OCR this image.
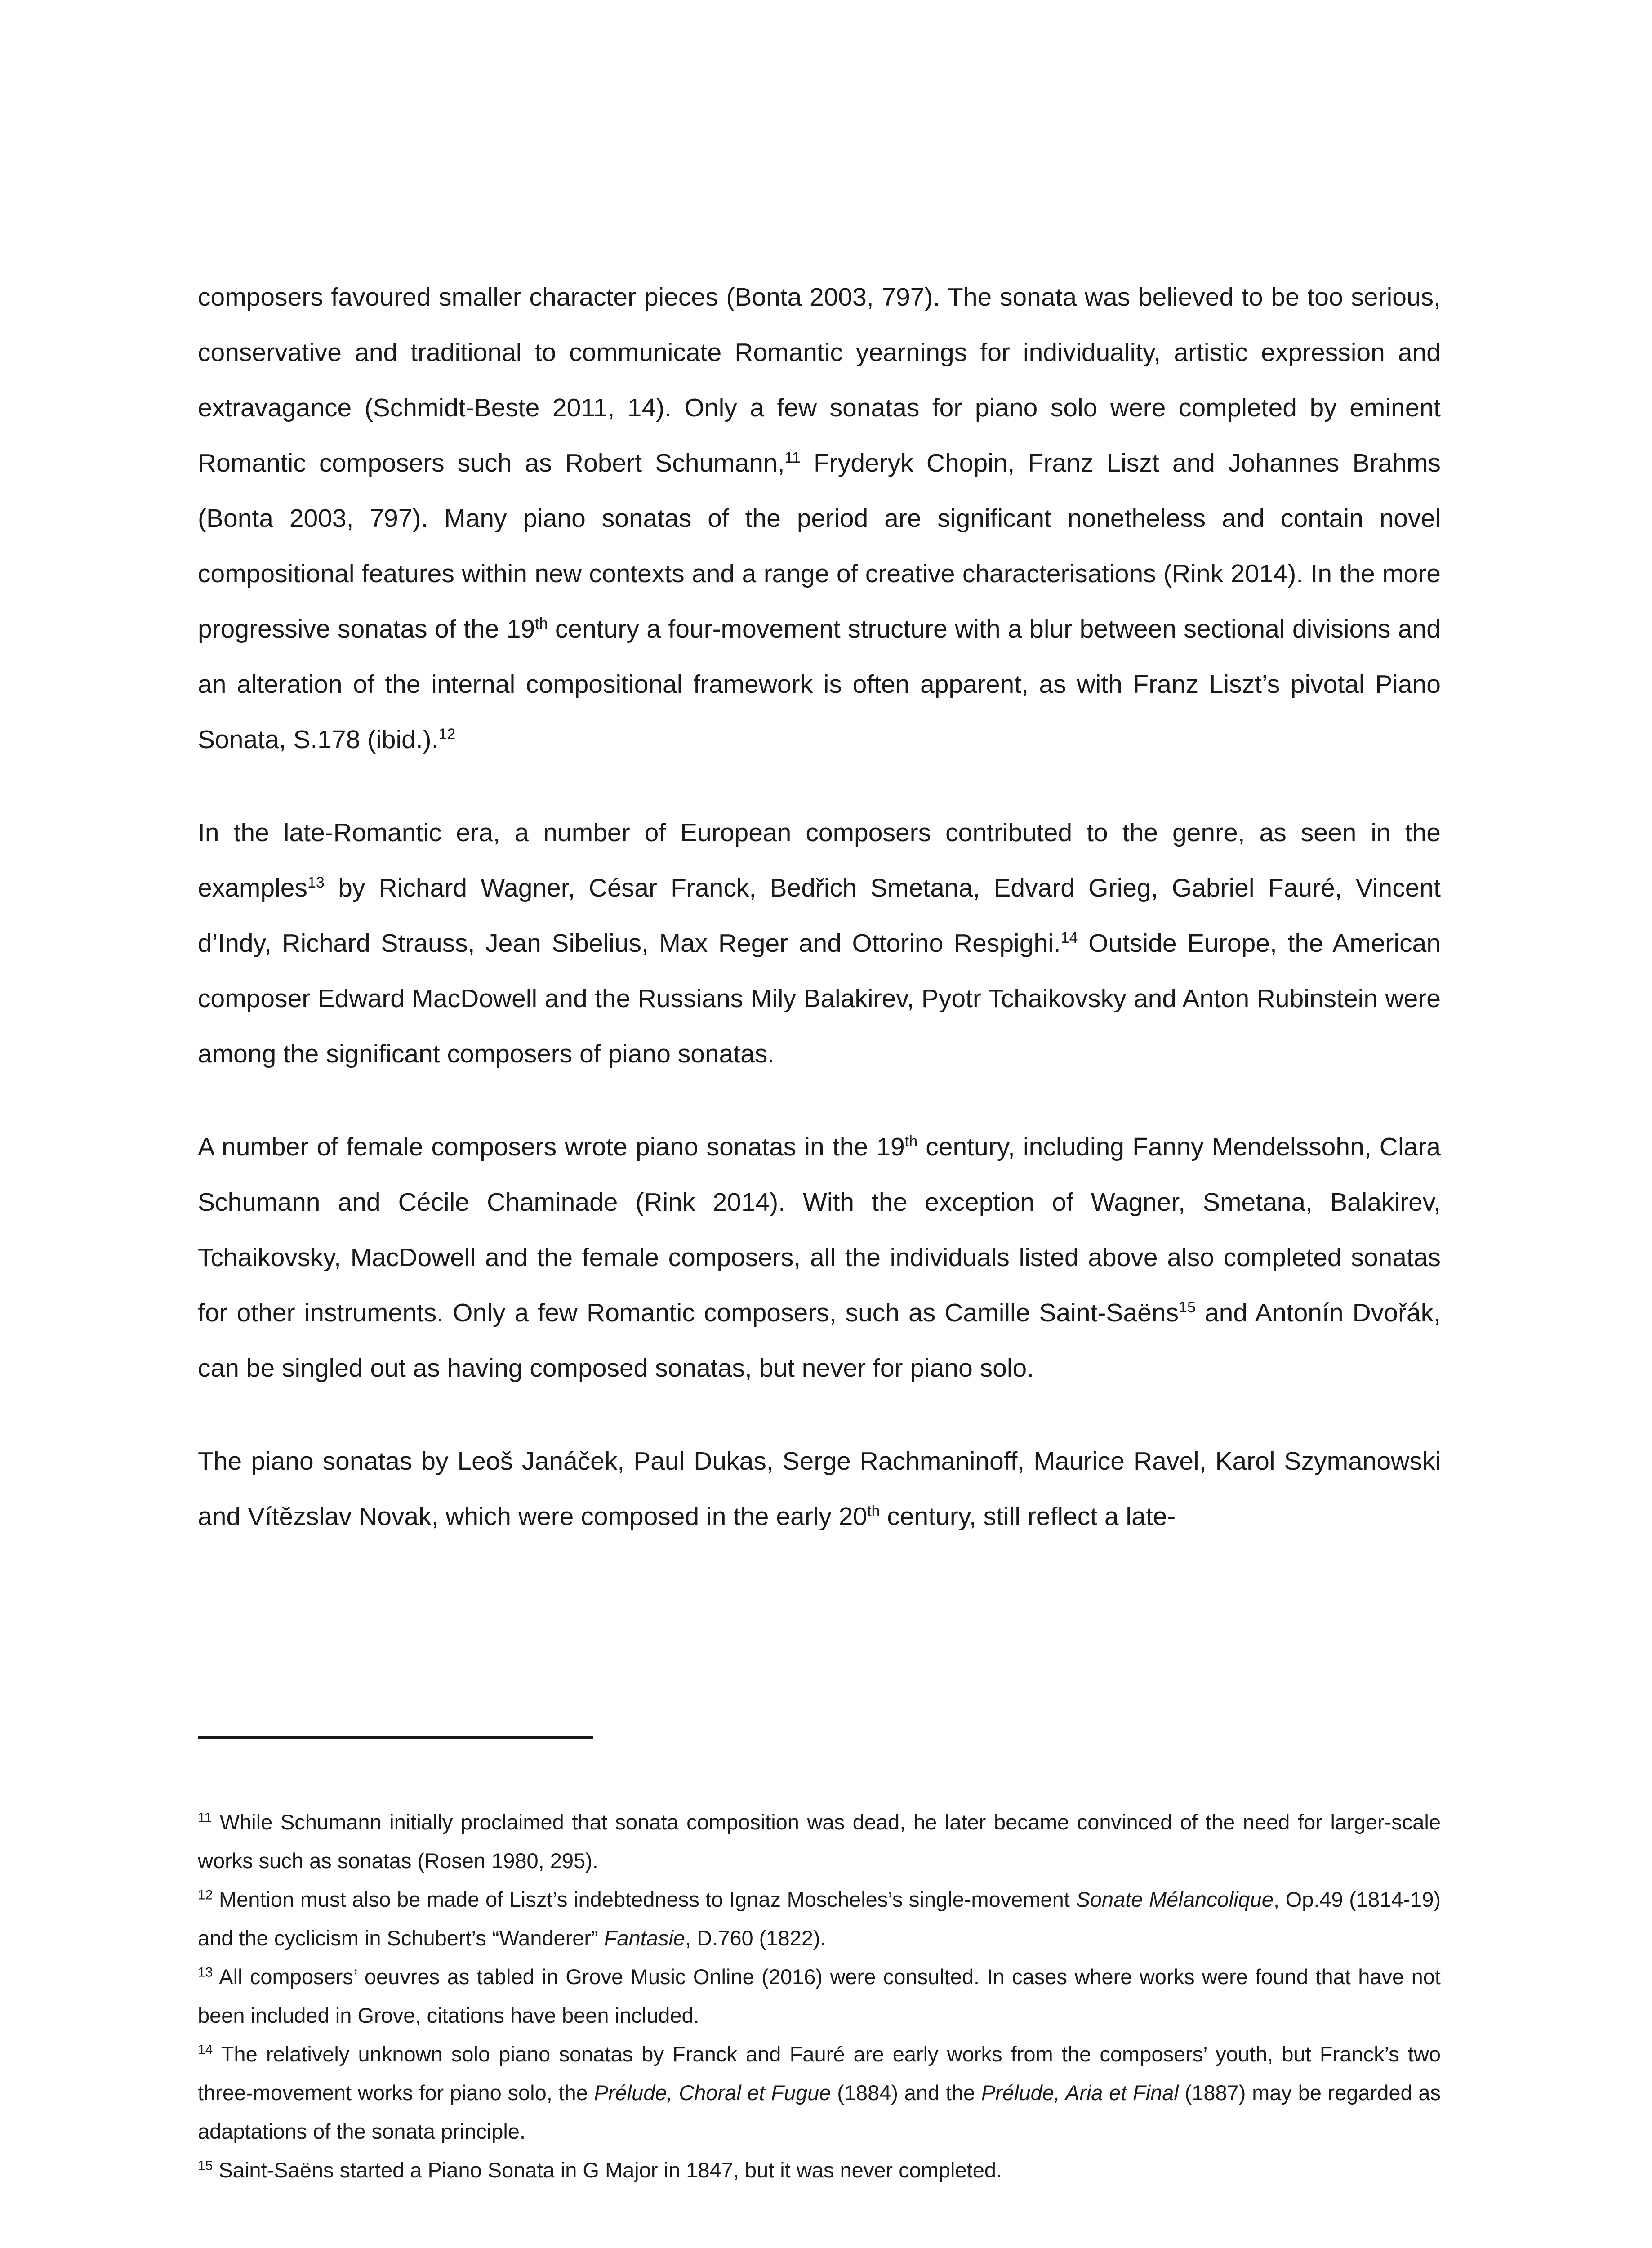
composers favoured smaller character pieces (Bonta 2003, 797). The sonata was believed to be too serious, conservative and traditional to communicate Romantic yearnings for individuality, artistic expression and extravagance (Schmidt-Beste 2011, 14). Only a few sonatas for piano solo were completed by eminent Romantic composers such as Robert Schumann,$^{11}$ Fryderyk Chopin, Franz Liszt and Johannes Brahms (Bonta 2003, 797). Many piano sonatas of the period are significant nonetheless and contain novel compositional features within new contexts and a range of creative characterisations (Rink 2014). In the more progressive sonatas of the 19th century a four-movement structure with a blur between sectional divisions and an alteration of the internal compositional framework is often apparent, as with Franz Liszt’s pivotal Piano Sonata, S.178 (ibid.).$^{12}$

In the late-Romantic era, a number of European composers contributed to the genre, as seen in the examples$^{13}$ by Richard Wagner, César Franck, Bedřich Smetana, Edvard Grieg, Gabriel Fauré, Vincent d’Indy, Richard Strauss, Jean Sibelius, Max Reger and Ottorino Respighi.$^{14}$ Outside Europe, the American composer Edward MacDowell and the Russians Mily Balakirev, Pyotr Tchaikovsky and Anton Rubinstein were among the significant composers of piano sonatas.

A number of female composers wrote piano sonatas in the 19th century, including Fanny Mendelssohn, Clara Schumann and Cécile Chaminade (Rink 2014). With the exception of Wagner, Smetana, Balakirev, Tchaikovsky, MacDowell and the female composers, all the individuals listed above also completed sonatas for other instruments. Only a few Romantic composers, such as Camille Saint-Saëns$^{15}$ and Antonín Dvořák, can be singled out as having composed sonatas, but never for piano solo.

The piano sonatas by Leoš Janáček, Paul Dukas, Serge Rachmaninoff, Maurice Ravel, Karol Szymanowski and Vítězslav Novak, which were composed in the early 20th century, still reflect a late-

$^{11}$ While Schumann initially proclaimed that sonata composition was dead, he later became convinced of the need for larger-scale works such as sonatas (Rosen 1980, 295).

$^{12}$ Mention must also be made of Liszt’s indebtedness to Ignaz Moscheles’s single-movement Sonate Mélancolique, Op.49 (1814-19) and the cyclicism in Schubert’s “Wanderer” Fantasie, D.760 (1822).

$^{13}$ All composers’ oeuvres as tabled in Grove Music Online (2016) were consulted. In cases where works were found that have not been included in Grove, citations have been included.

$^{14}$ The relatively unknown solo piano sonatas by Franck and Fauré are early works from the composers’ youth, but Franck’s two three-movement works for piano solo, the Prélude, Choral et Fugue (1884) and the Prélude, Aria et Final (1887) may be regarded as adaptations of the sonata principle.

$^{15}$ Saint-Saëns started a Piano Sonata in G Major in 1847, but it was never completed.
